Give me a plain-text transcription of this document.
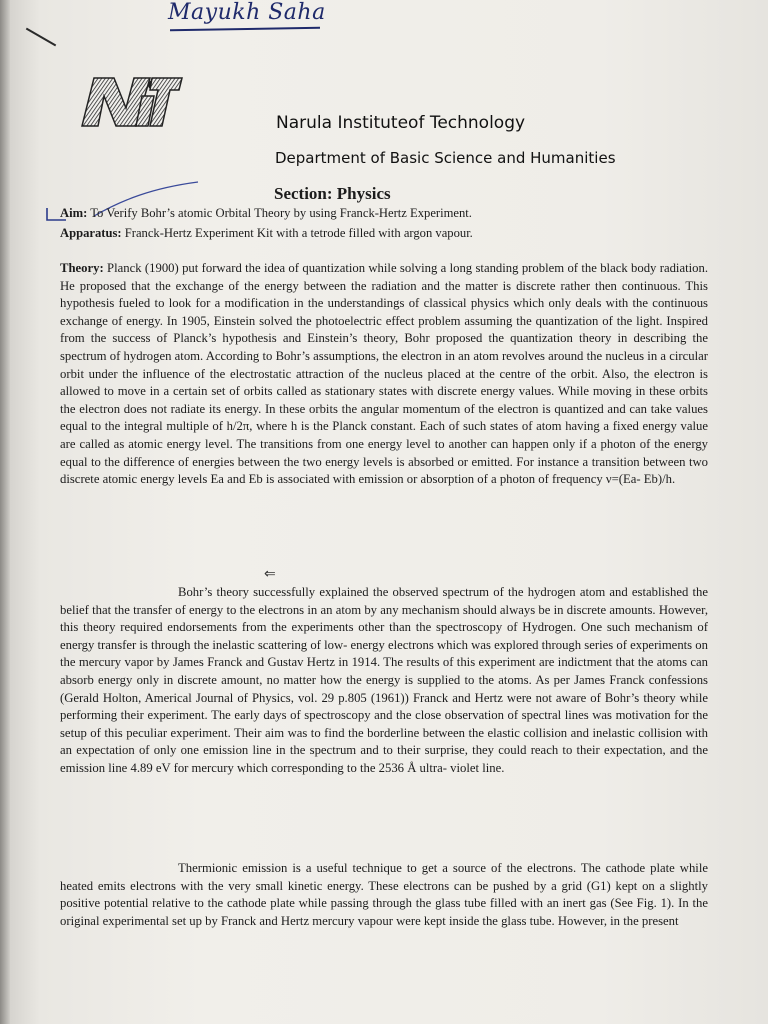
Mayukh Saha
Narula Instituteof Technology
Department of Basic Science and Humanities
Section: Physics
Aim: To Verify Bohr’s atomic Orbital Theory by using Franck-Hertz Experiment.
Apparatus: Franck-Hertz Experiment Kit with a tetrode filled with argon vapour.
Theory: Planck (1900) put forward the idea of quantization while solving a long standing problem of the black body radiation. He proposed that the exchange of the energy between the radiation and the matter is discrete rather then continuous. This hypothesis fueled to look for a modification in the understandings of classical physics which only deals with the continuous exchange of energy. In 1905, Einstein solved the photoelectric effect problem assuming the quantization of the light. Inspired from the success of Planck’s hypothesis and Einstein’s theory, Bohr proposed the quantization theory in describing the spectrum of hydrogen atom. According to Bohr’s assumptions, the electron in an atom revolves around the nucleus in a circular orbit under the influence of the electrostatic attraction of the nucleus placed at the centre of the orbit. Also, the electron is allowed to move in a certain set of orbits called as stationary states with discrete energy values. While moving in these orbits the electron does not radiate its energy. In these orbits the angular momentum of the electron is quantized and can take values equal to the integral multiple of h/2π, where h is the Planck constant. Each of such states of atom having a fixed energy value are called as atomic energy level. The transitions from one energy level to another can happen only if a photon of the energy equal to the difference of energies between the two energy levels is absorbed or emitted. For instance a transition between two discrete atomic energy levels Ea and Eb is associated with emission or absorption of a photon of frequency ν=(Ea- Eb)/h.
⇐
Bohr’s theory successfully explained the observed spectrum of the hydrogen atom and established the belief that the transfer of energy to the electrons in an atom by any mechanism should always be in discrete amounts. However, this theory required endorsements from the experiments other than the spectroscopy of Hydrogen. One such mechanism of energy transfer is through the inelastic scattering of low- energy electrons which was explored through series of experiments on the mercury vapor by James Franck and Gustav Hertz in 1914. The results of this experiment are indictment that the atoms can absorb energy only in discrete amount, no matter how the energy is supplied to the atoms. As per James Franck confessions (Gerald Holton, Americal Journal of Physics, vol. 29 p.805 (1961)) Franck and Hertz were not aware of Bohr’s theory while performing their experiment. The early days of spectroscopy and the close observation of spectral lines was motivation for the setup of this peculiar experiment. Their aim was to find the borderline between the elastic collision and inelastic collision with an expectation of only one emission line in the spectrum and to their surprise, they could reach to their expectation, and the emission line 4.89 eV for mercury which corresponding to the 2536 Å ultra- violet line.
Thermionic emission is a useful technique to get a source of the electrons. The cathode plate while heated emits electrons with the very small kinetic energy. These electrons can be pushed by a grid (G1) kept on a slightly positive potential relative to the cathode plate while passing through the glass tube filled with an inert gas (See Fig. 1). In the original experimental set up by Franck and Hertz mercury vapour were kept inside the glass tube. However, in the present
